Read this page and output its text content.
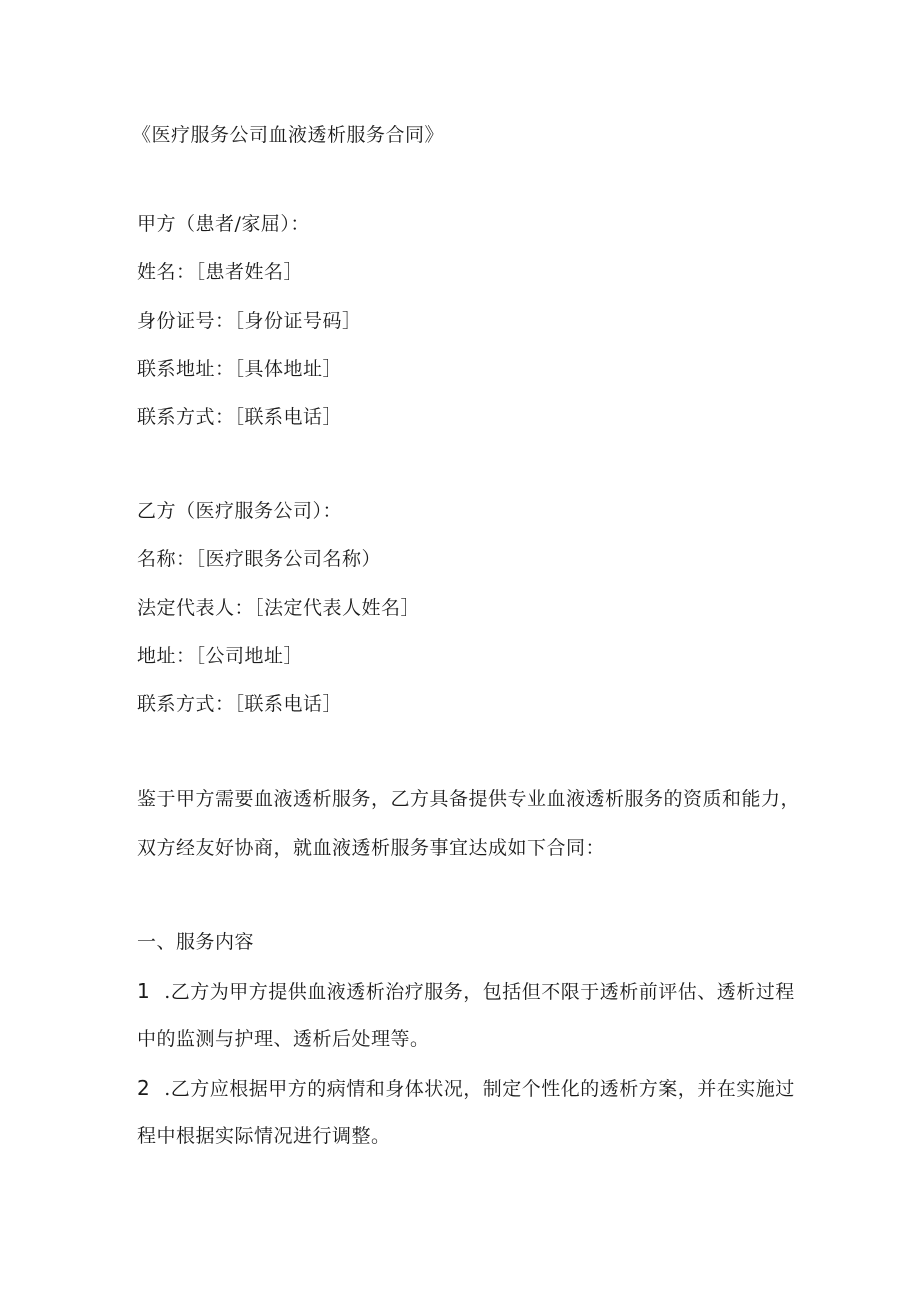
《医疗服务公司血液透析服务合同》
甲方（患者/家屈）：
姓名：［患者姓名］
身份证号：［身份证号码］
联系地址：［具体地址］
联系方式：［联系电话］
乙方（医疗服务公司）：
名称：［医疗眼务公司名称）
法定代表人：［法定代表人姓名］
地址：［公司地址］
联系方式：［联系电话］
鉴于甲方需要血液透析服务，乙方具备提供专业血液透析服务的资质和能力，
双方经友好协商，就血液透析服务事宜达成如下合同：
一、服务内容
1 .乙方为甲方提供血液透析治疗服务，包括但不限于透析前评估、透析过程
中的监测与护理、透析后处理等。
2 .乙方应根据甲方的病情和身体状况，制定个性化的透析方案，并在实施过
程中根据实际情况进行调整。
